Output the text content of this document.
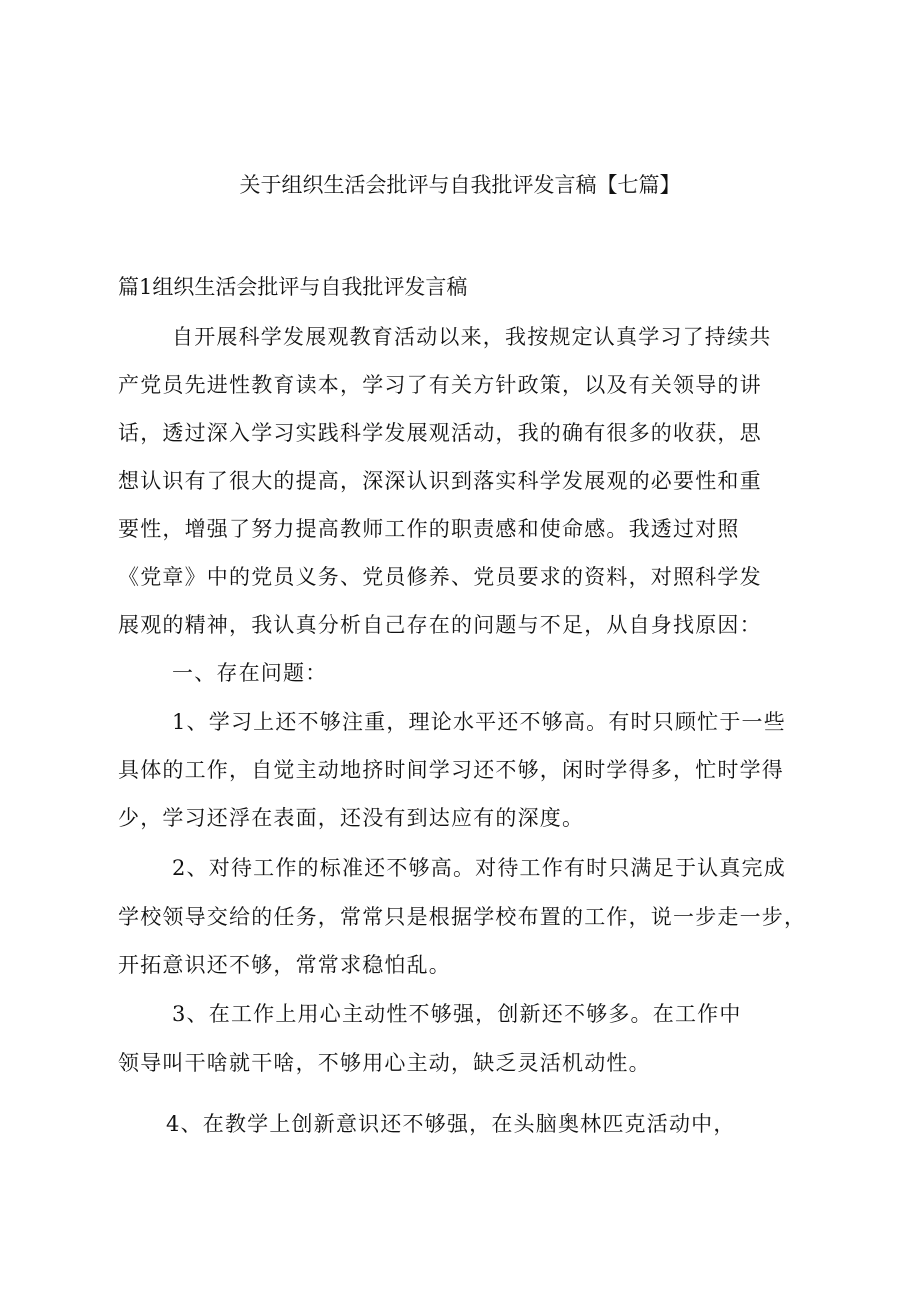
关于组织生活会批评与自我批评发言稿【七篇】
篇1组织生活会批评与自我批评发言稿
自开展科学发展观教育活动以来，我按规定认真学习了持续共
产党员先进性教育读本，学习了有关方针政策，以及有关领导的讲
话，透过深入学习实践科学发展观活动，我的确有很多的收获，思
想认识有了很大的提高，深深认识到落实科学发展观的必要性和重
要性，增强了努力提高教师工作的职责感和使命感。我透过对照
《党章》中的党员义务、党员修养、党员要求的资料，对照科学发
展观的精神，我认真分析自己存在的问题与不足，从自身找原因：
一、存在问题：
1、学习上还不够注重，理论水平还不够高。有时只顾忙于一些
具体的工作，自觉主动地挤时间学习还不够，闲时学得多，忙时学得
少，学习还浮在表面，还没有到达应有的深度。
2、对待工作的标准还不够高。对待工作有时只满足于认真完成
学校领导交给的任务，常常只是根据学校布置的工作，说一步走一步，
开拓意识还不够，常常求稳怕乱。
3、在工作上用心主动性不够强，创新还不够多。在工作中
领导叫干啥就干啥，不够用心主动，缺乏灵活机动性。
4、在教学上创新意识还不够强，在头脑奥林匹克活动中，
